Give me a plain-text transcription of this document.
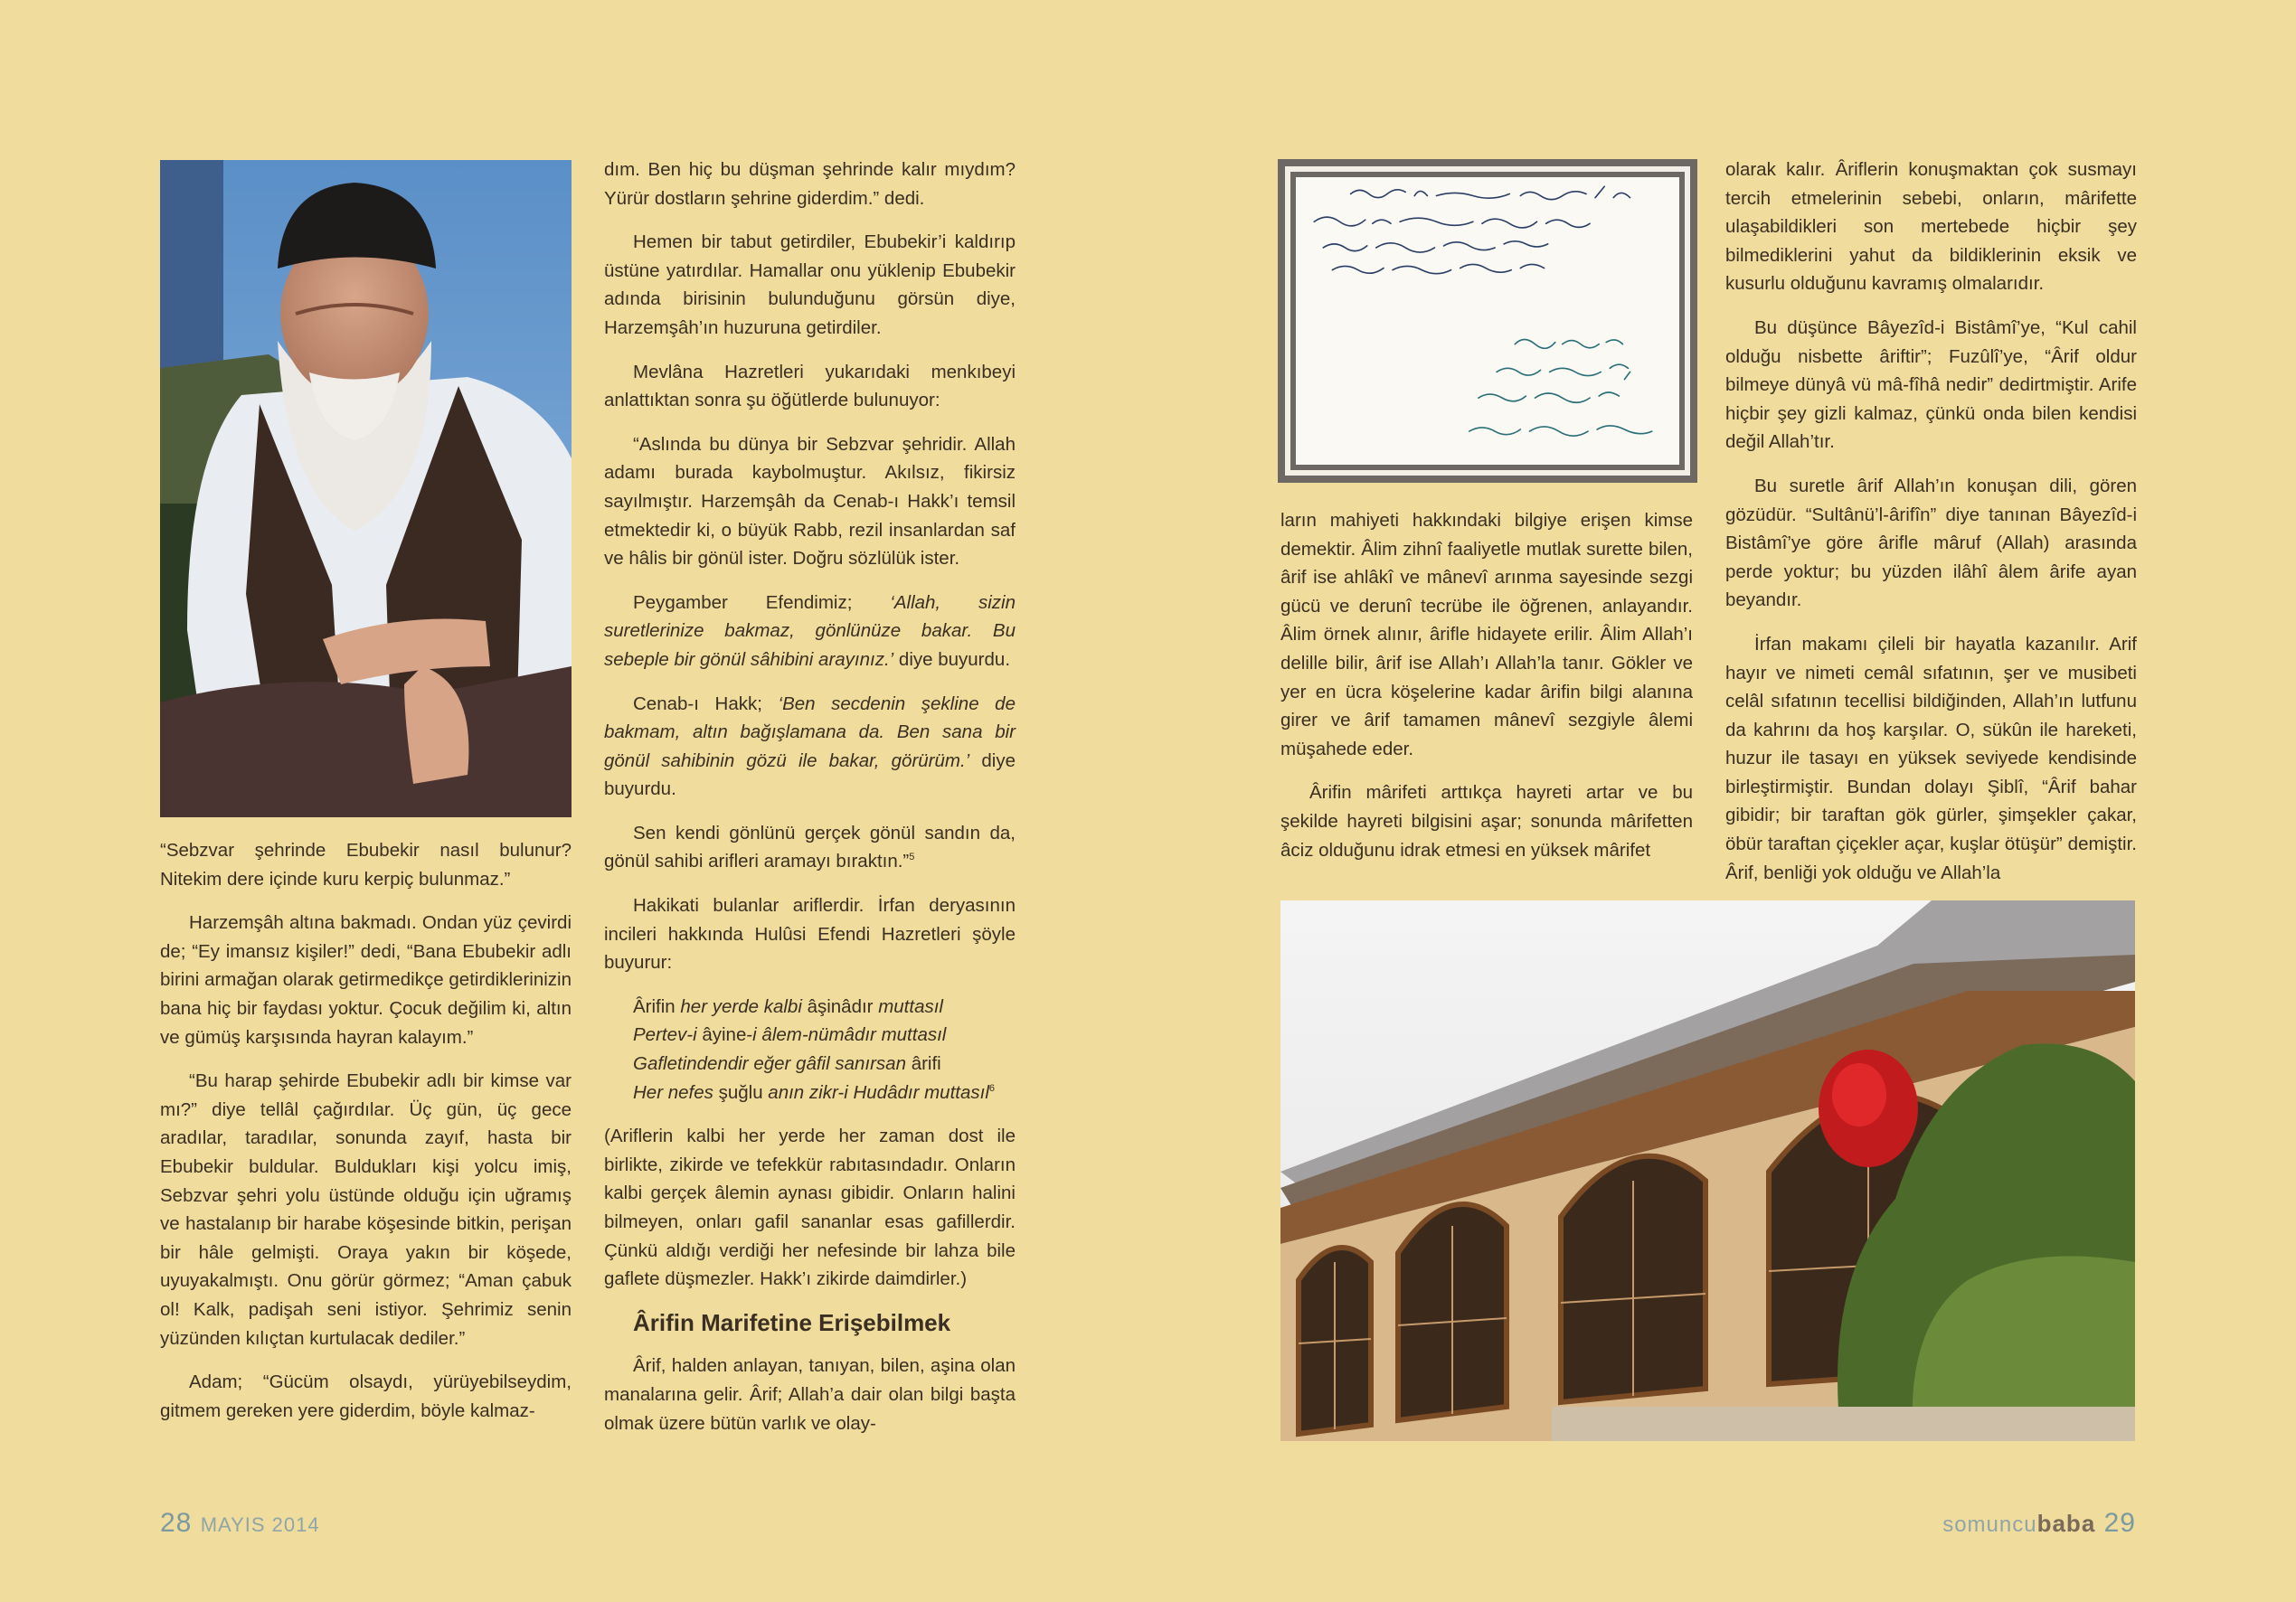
“Sebzvar şehrinde Ebubekir nasıl bulunur? Nitekim dere içinde kuru kerpiç bulunmaz.”

Harzemşâh altına bakmadı. Ondan yüz çevirdi de; “Ey imansız kişiler!” dedi, “Bana Ebubekir adlı birini armağan olarak getirmedikçe getirdiklerinizin bana hiç bir faydası yoktur. Çocuk değilim ki, altın ve gümüş karşısında hayran kalayım.”

“Bu harap şehirde Ebubekir adlı bir kimse var mı?” diye tellâl çağırdılar. Üç gün, üç gece aradılar, taradılar, sonunda zayıf, hasta bir Ebubekir buldular. Buldukları kişi yolcu imiş, Sebzvar şehri yolu üstünde olduğu için uğramış ve hastalanıp bir harabe köşesinde bitkin, perişan bir hâle gelmişti. Oraya yakın bir köşede, uyuyakalmıştı. Onu görür görmez; “Aman çabuk ol! Kalk, padişah seni istiyor. Şehrimiz senin yüzünden kılıçtan kurtulacak dediler.”

Adam; “Gücüm olsaydı, yürüyebilseydim, gitmem gereken yere giderdim, böyle kalmaz-

dım. Ben hiç bu düşman şehrinde kalır mıydım? Yürür dostların şehrine giderdim.” dedi.

Hemen bir tabut getirdiler, Ebubekir’i kaldırıp üstüne yatırdılar. Hamallar onu yüklenip Ebubekir adında birisinin bulunduğunu görsün diye, Harzemşâh’ın huzuruna getirdiler.

Mevlâna Hazretleri yukarıdaki menkıbeyi anlattıktan sonra şu öğütlerde bulunuyor:

“Aslında bu dünya bir Sebzvar şehridir. Allah adamı burada kaybolmuştur. Akılsız, fikirsiz sayılmıştır. Harzemşâh da Cenab-ı Hakk’ı temsil etmektedir ki, o büyük Rabb, rezil insanlardan saf ve hâlis bir gönül ister. Doğru sözlülük ister.

Peygamber Efendimiz; ‘Allah, sizin suretlerinize bakmaz, gönlünüze bakar. Bu sebeple bir gönül sâhibini arayınız.’ diye buyurdu.

Cenab-ı Hakk; ‘Ben secdenin şekline de bakmam, altın bağışlamana da. Ben sana bir gönül sahibinin gözü ile bakar, görürüm.’ diye buyurdu.

Sen kendi gönlünü gerçek gönül sandın da, gönül sahibi arifleri aramayı bıraktın.”$^5$

Hakikati bulanlar ariflerdir. İrfan deryasının incileri hakkında Hulûsi Efendi Hazretleri şöyle buyurur:

Ârifin her yerde kalbi âşinâdır muttasıl
Pertev-i âyine-i âlem-nümâdır muttasıl
Gafletindendir eğer gâfil sanırsan ârifi
Her nefes şuğlu anın zikr-i Hudâdır muttasıl$^6$

(Ariflerin kalbi her yerde her zaman dost ile birlikte, zikirde ve tefekkür rabıtasındadır. Onların kalbi gerçek âlemin aynası gibidir. Onların halini bilmeyen, onları gafil sananlar esas gafillerdir. Çünkü aldığı verdiği her nefesinde bir lahza bile gaflete düşmezler. Hakk’ı zikirde daimdirler.)

Ârifin Marifetine Erişebilmek

Ârif, halden anlayan, tanıyan, bilen, aşina olan manalarına gelir. Ârif; Allah’a dair olan bilgi başta olmak üzere bütün varlık ve olay-

ların mahiyeti hakkındaki bilgiye erişen kimse demektir. Âlim zihnî faaliyetle mutlak surette bilen, ârif ise ahlâkî ve mânevî arınma sayesinde sezgi gücü ve derunî tecrübe ile öğrenen, anlayandır. Âlim örnek alınır, ârifle hidayete erilir. Âlim Allah’ı delille bilir, ârif ise Allah’ı Allah’la tanır. Gökler ve yer en ücra köşelerine kadar ârifin bilgi alanına girer ve ârif tamamen mânevî sezgiyle âlemi müşahede eder.

Ârifin mârifeti arttıkça hayreti artar ve bu şekilde hayreti bilgisini aşar; sonunda mârifetten âciz olduğunu idrak etmesi en yüksek mârifet

olarak kalır. Âriflerin konuşmaktan çok susmayı tercih etmelerinin sebebi, onların, mârifette ulaşabildikleri son mertebede hiçbir şey bilmediklerini yahut da bildiklerinin eksik ve kusurlu olduğunu kavramış olmalarıdır.

Bu düşünce Bâyezîd-i Bistâmî’ye, “Kul cahil olduğu nisbette âriftir”; Fuzûlî’ye, “Ârif oldur bilmeye dünyâ vü mâ-fîhâ nedir” dedirtmiştir. Arife hiçbir şey gizli kalmaz, çünkü onda bilen kendisi değil Allah’tır.

Bu suretle ârif Allah’ın konuşan dili, gören gözüdür. “Sultânü’l-ârifîn” diye tanınan Bâyezîd-i Bistâmî’ye göre ârifle mâruf (Allah) arasında perde yoktur; bu yüzden ilâhî âlem ârife ayan beyandır.

İrfan makamı çileli bir hayatla kazanılır. Arif hayır ve nimeti cemâl sıfatının, şer ve musibeti celâl sıfatının tecellisi bildiğinden, Allah’ın lutfunu da kahrını da hoş karşılar. O, sükûn ile hareketi, huzur ile tasayı en yüksek seviyede kendisinde birleştirmiştir. Bundan dolayı Şiblî, “Ârif bahar gibidir; bir taraftan gök gürler, şimşekler çakar, öbür taraftan çiçekler açar, kuşlar ötüşür” demiştir. Ârif, benliği yok olduğu ve Allah’la

28 MAYIS 2014	somuncubaba 29
